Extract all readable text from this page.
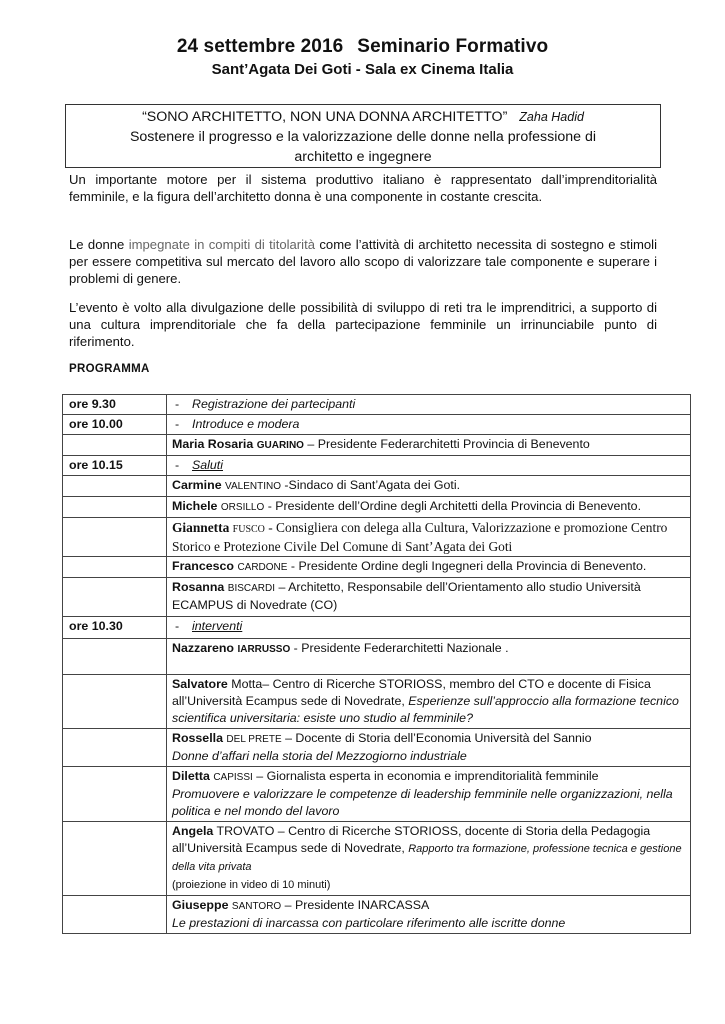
24 settembre 2016 Seminario Formativo
Sant’Agata Dei Goti - Sala ex Cinema Italia
“SONO ARCHITETTO, NON UNA DONNA ARCHITETTO” Zaha Hadid
Sostenere il progresso e la valorizzazione delle donne nella professione di
architetto e ingegnere
Un importante motore per il sistema produttivo italiano è rappresentato dall’imprenditorialità femminile, e la figura dell’architetto donna è una componente in costante crescita.
Le donne impegnate in compiti di titolarità come l’attività di architetto necessita di sostegno e stimoli per essere competitiva sul mercato del lavoro allo scopo di valorizzare tale componente e superare i problemi di genere.
L’evento è volto alla divulgazione delle possibilità di sviluppo di reti tra le imprenditrici, a supporto di una cultura imprenditoriale che fa della partecipazione femminile un irrinunciabile punto di riferimento.
PROGRAMMA
ore 9.30	- Registrazione dei partecipanti
ore 10.00	- Introduce e modera
	Maria Rosaria GUARINO – Presidente Federarchitetti Provincia di Benevento
ore 10.15	- Saluti
	Carmine VALENTINO -Sindaco di Sant’Agata dei Goti.
	Michele ORSILLO - Presidente dell’Ordine degli Architetti della Provincia di Benevento.
	Giannetta FUSCO - Consigliera con delega alla Cultura, Valorizzazione e promozione Centro Storico e Protezione Civile Del Comune di Sant’Agata dei Goti
	Francesco CARDONE - Presidente Ordine degli Ingegneri della Provincia di Benevento.
	Rosanna BISCARDI – Architetto, Responsabile dell’Orientamento allo studio Università ECAMPUS di Novedrate (CO)
ore 10.30	- interventi
	Nazzareno IARRUSSO - Presidente Federarchitetti Nazionale .
	Salvatore Motta– Centro di Ricerche STORIOSS, membro del CTO e docente di Fisica all’Università Ecampus sede di Novedrate, Esperienze sull’approccio alla formazione tecnico scientifica universitaria: esiste uno studio al femminile?
	Rossella DEL PRETE – Docente di Storia dell’Economia Università del Sannio
Donne d’affari nella storia del Mezzogiorno industriale
	Diletta CAPISSI – Giornalista esperta in economia e imprenditorialità femminile
Promuovere e valorizzare le competenze di leadership femminile nelle organizzazioni, nella politica e nel mondo del lavoro
	Angela TROVATO – Centro di Ricerche STORIOSS, docente di Storia della Pedagogia all’Università Ecampus sede di Novedrate, Rapporto tra formazione, professione tecnica e gestione della vita privata
(proiezione in video di 10 minuti)
	Giuseppe SANTORO – Presidente INARCASSA
Le prestazioni di inarcassa con particolare riferimento alle iscritte donne
